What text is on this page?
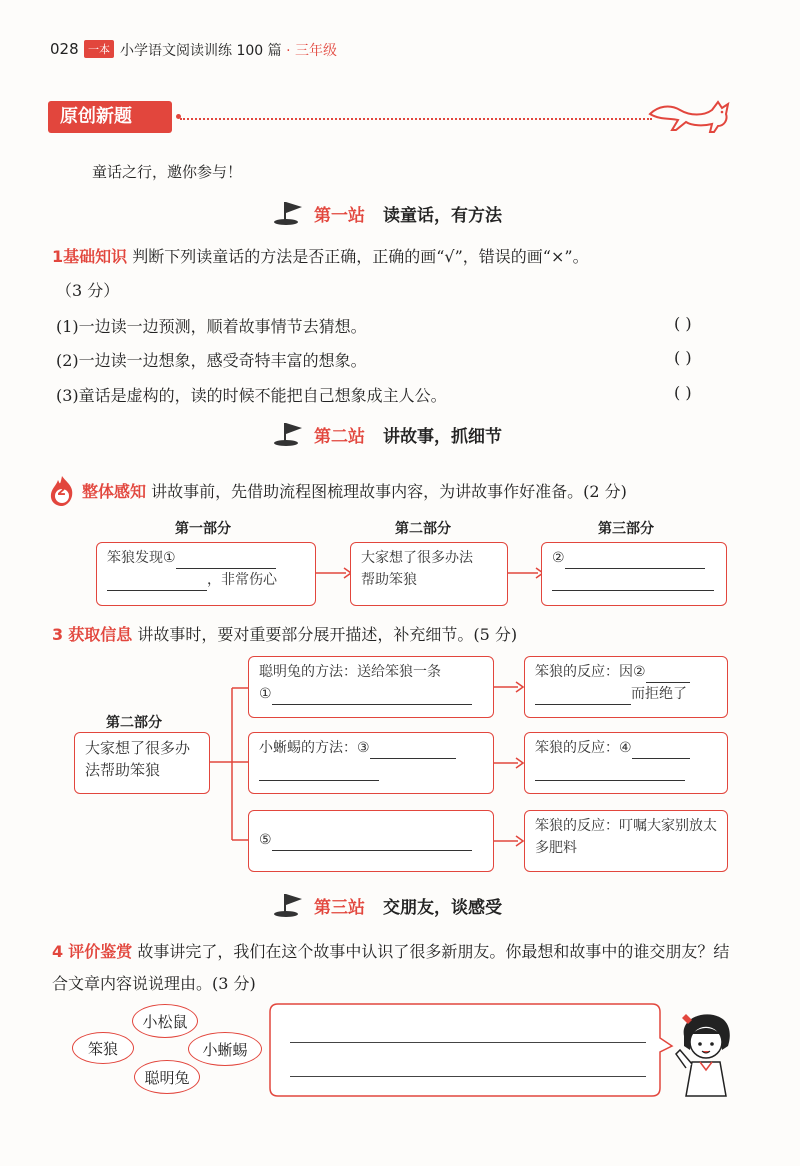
028 一本 小学语文阅读训练 100 篇 · 三年级
原创新题
童话之行，邀你参与！
第一站 读童话，有方法
1基础知识 判断下列读童话的方法是否正确，正确的画“√”，错误的画“×”。
（3 分）
(1)一边读一边预测，顺着故事情节去猜想。	( )
(2)一边读一边想象，感受奇特丰富的想象。	( )
(3)童话是虚构的，读的时候不能把自己想象成主人公。	( )
第二站 讲故事，抓细节
2 整体感知 讲故事前，先借助流程图梳理故事内容，为讲故事作好准备。(2 分)
第一部分	第二部分	第三部分
笨狼发现①
，非常伤心
大家想了很多办法
帮助笨狼
②
3 获取信息 讲故事时，要对重要部分展开描述，补充细节。(5 分)
第二部分
大家想了很多办法帮助笨狼
聪明兔的方法：送给笨狼一条
①
笨狼的反应：因②
而拒绝了
小蜥蜴的方法：③	笨狼的反应：④
⑤
笨狼的反应：叮嘱大家别放太多肥料
第三站 交朋友，谈感受
4 评价鉴赏 故事讲完了，我们在这个故事中认识了很多新朋友。你最想和故事中的谁交朋友？结合文章内容说说理由。(3 分)
小松鼠
笨狼	小蜥蜴
聪明兔
